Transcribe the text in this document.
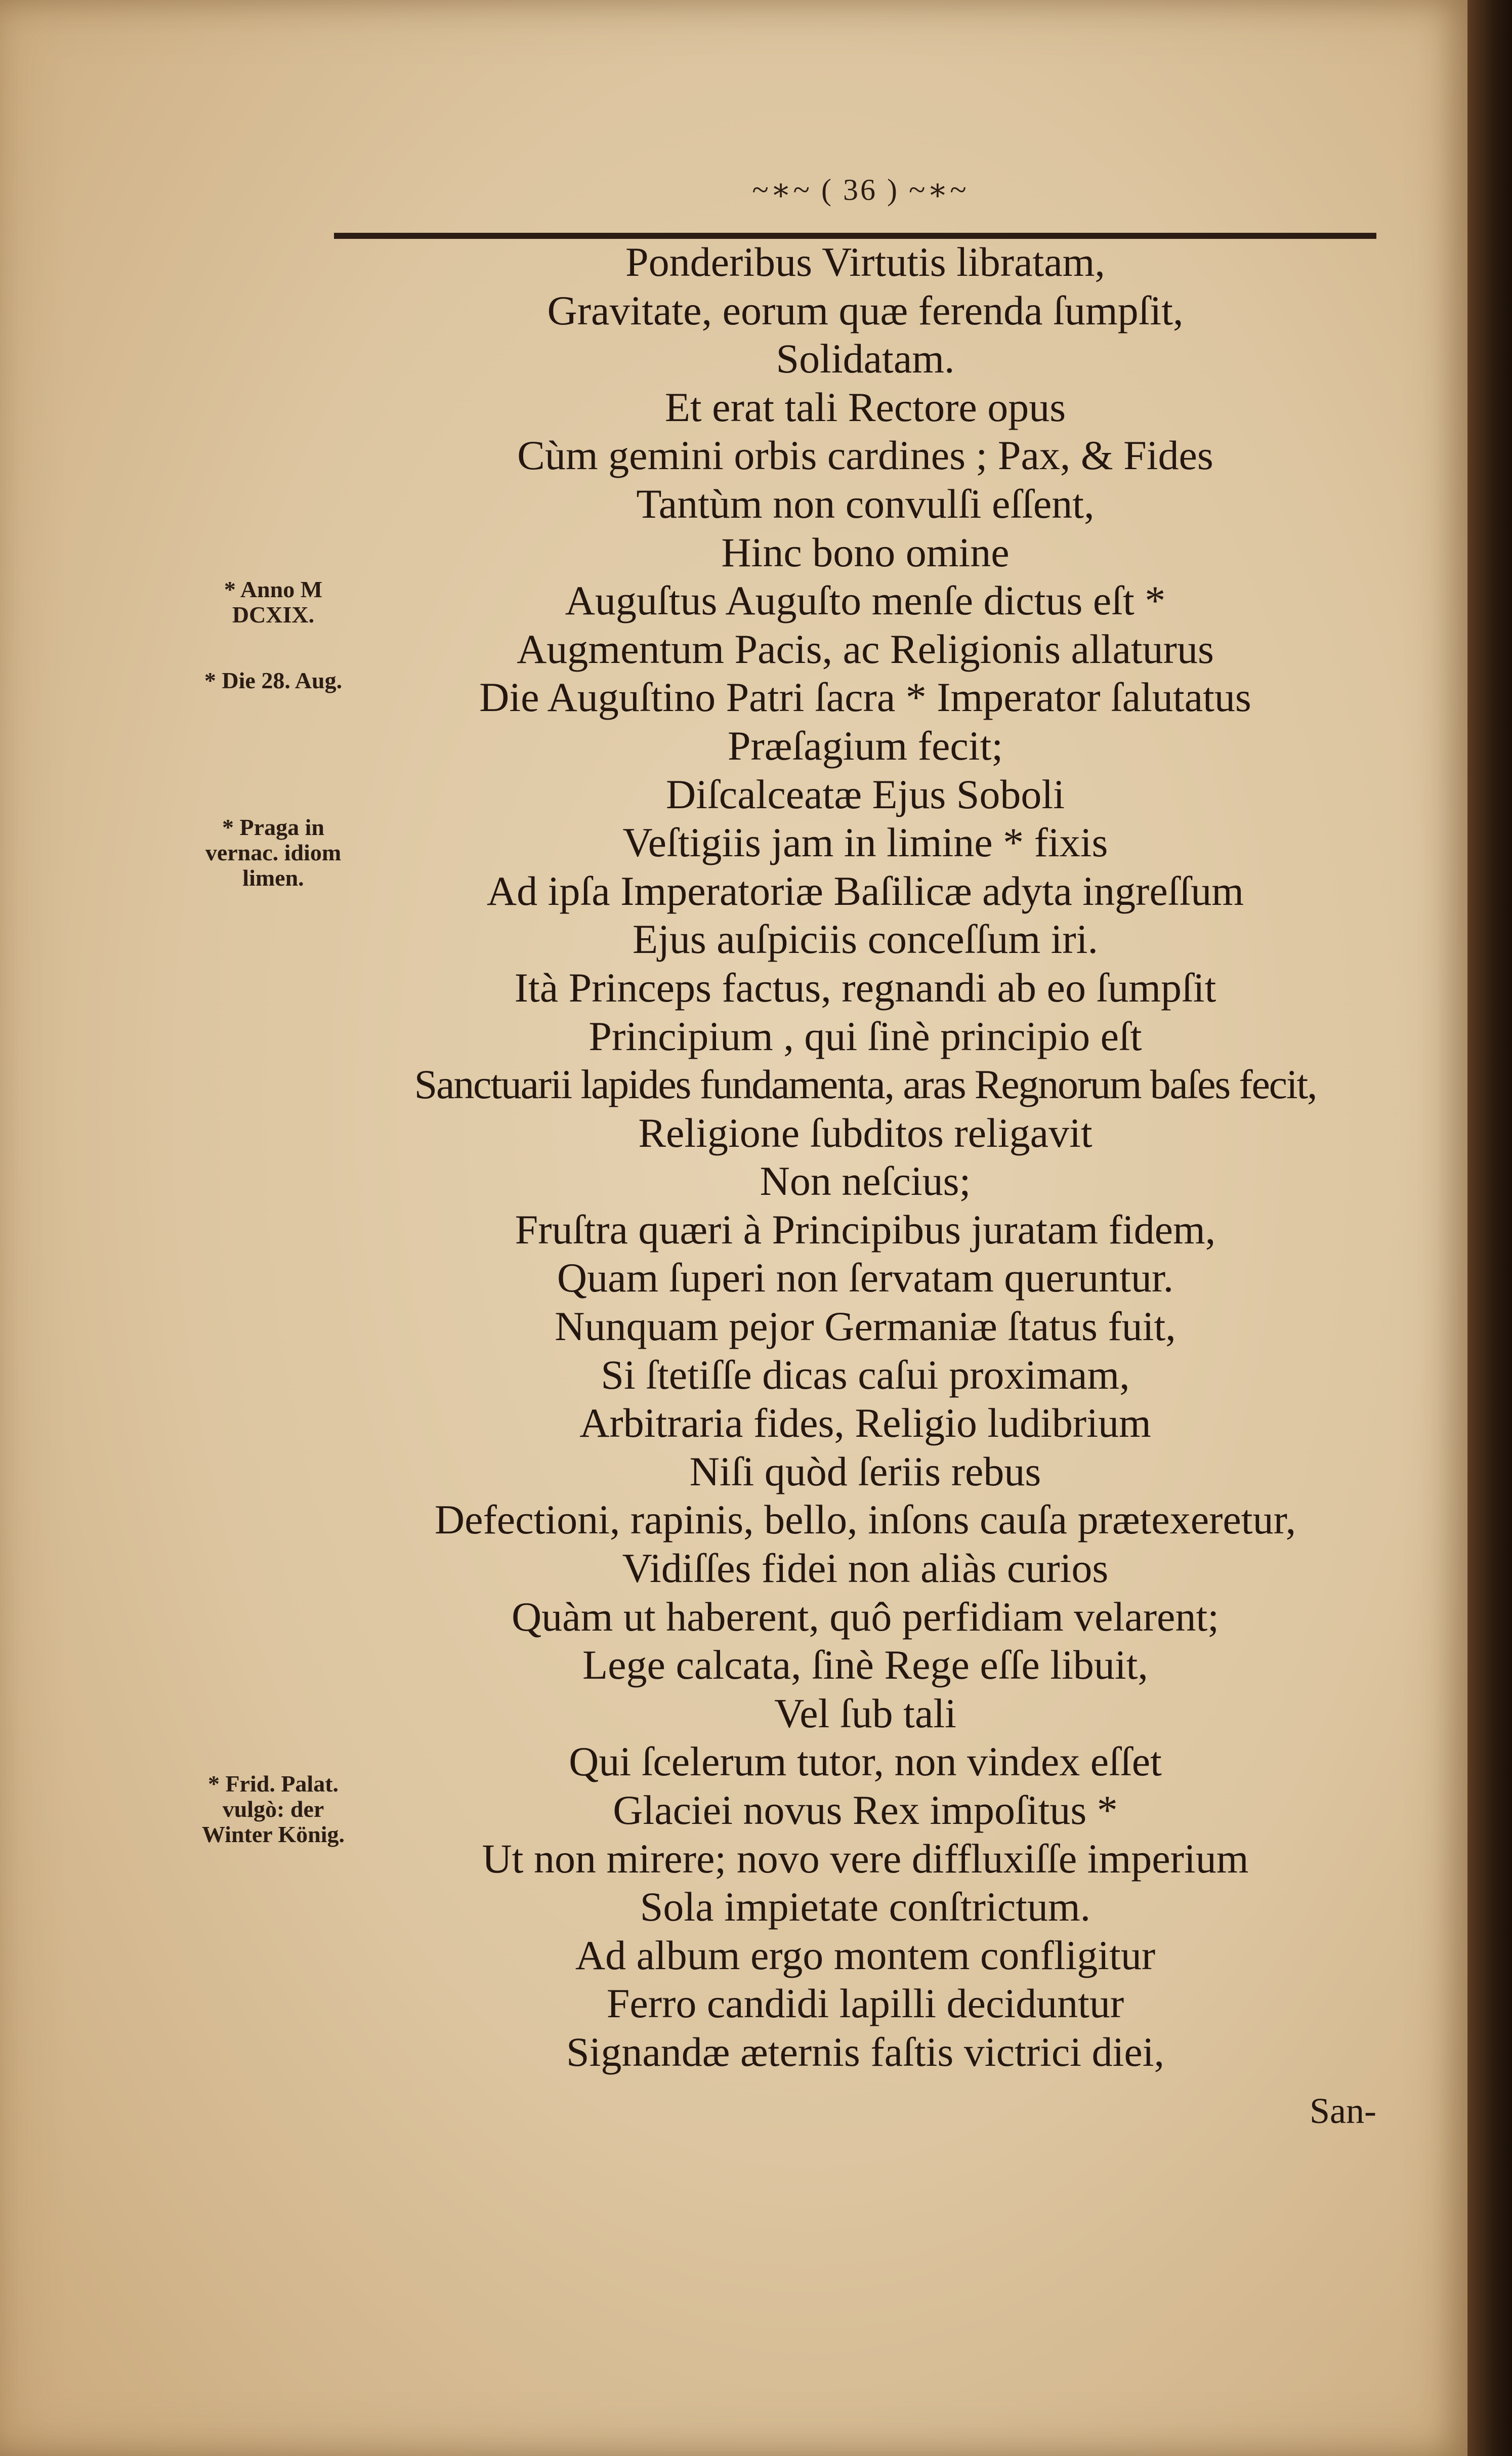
~∗~ ( 36 ) ~∗~
Ponderibus Virtutis libratam,
Gravitate, eorum quæ ferenda ſumpſit,
Solidatam.
Et erat tali Rectore opus
Cùm gemini orbis cardines ; Pax, & Fides
Tantùm non convulſi eſſent,
Hinc bono omine
Auguſtus Auguſto menſe dictus eſt *
Augmentum Pacis, ac Religionis allaturus
Die Auguſtino Patri ſacra * Imperator ſalutatus
Præſagium fecit;
Diſcalceatæ Ejus Soboli
Veſtigiis jam in limine * fixis
Ad ipſa Imperatoriæ Baſilicæ adyta ingreſſum
Ejus auſpiciis conceſſum iri.
Ità Princeps factus, regnandi ab eo ſumpſit
Principium , qui ſinè principio eſt
Sanctuarii lapides fundamenta, aras Regnorum baſes fecit,
Religione ſubditos religavit
Non neſcius;
Fruſtra quæri à Principibus juratam fidem,
Quam ſuperi non ſervatam queruntur.
Nunquam pejor Germaniæ ſtatus fuit,
Si ſtetiſſe dicas caſui proximam,
Arbitraria fides, Religio ludibrium
Niſi quòd ſeriis rebus
Defectioni, rapinis, bello, inſons cauſa prætexeretur,
Vidiſſes fidei non aliàs curios
Quàm ut haberent, quô perfidiam velarent;
Lege calcata, ſinè Rege eſſe libuit,
Vel ſub tali
Qui ſcelerum tutor, non vindex eſſet
Glaciei novus Rex impoſitus *
Ut non mirere; novo vere diffluxiſſe imperium
Sola impietate conſtrictum.
Ad album ergo montem confligitur
Ferro candidi lapilli deciduntur
Signandæ æternis faſtis victrici diei,
San-
* Anno M DCXIX.
* Die 28. Aug.
* Praga in vernac. idiom limen.
* Frid. Palat. vulgò: der Winter König.
